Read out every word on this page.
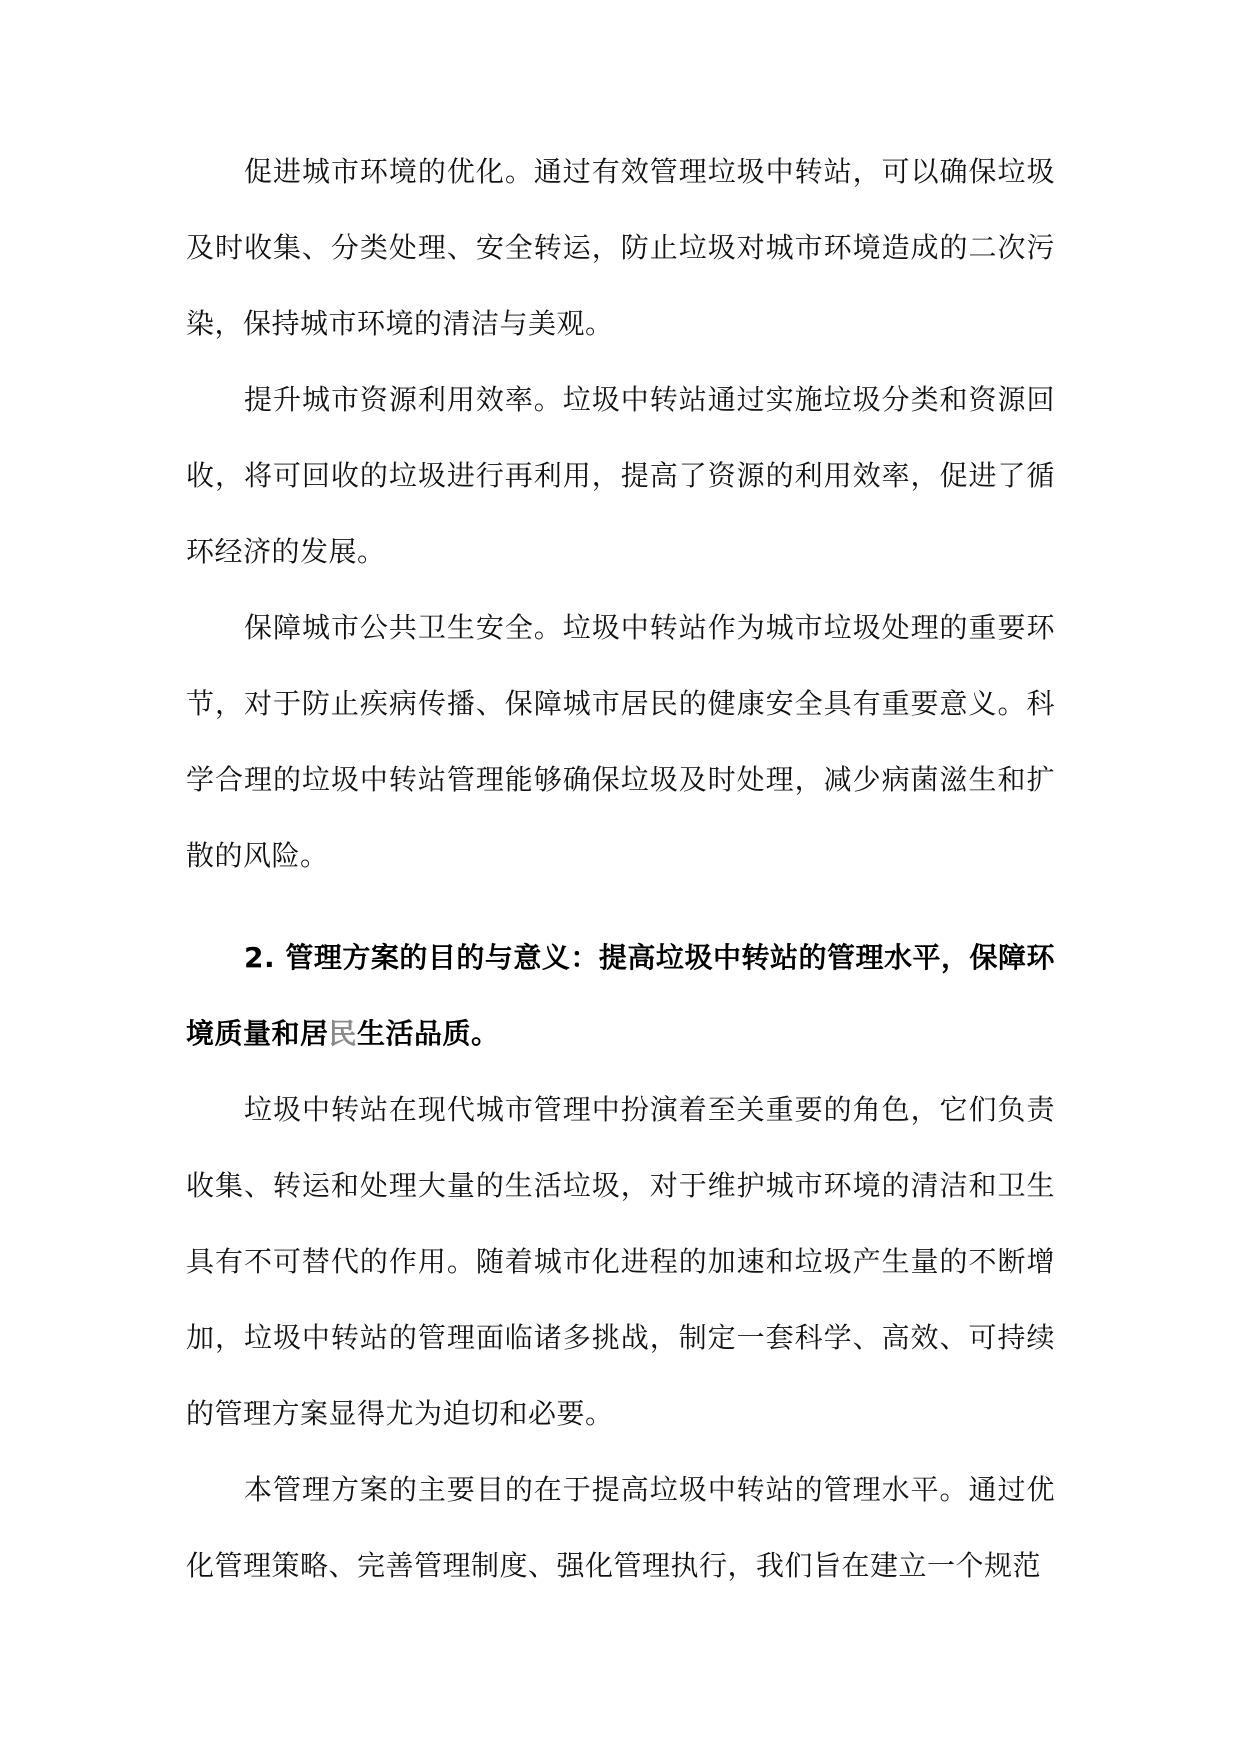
促进城市环境的优化。通过有效管理垃圾中转站，可以确保垃圾及时收集、分类处理、安全转运，防止垃圾对城市环境造成的二次污染，保持城市环境的清洁与美观。

提升城市资源利用效率。垃圾中转站通过实施垃圾分类和资源回收，将可回收的垃圾进行再利用，提高了资源的利用效率，促进了循环经济的发展。

保障城市公共卫生安全。垃圾中转站作为城市垃圾处理的重要环节，对于防止疾病传播、保障城市居民的健康安全具有重要意义。科学合理的垃圾中转站管理能够确保垃圾及时处理，减少病菌滋生和扩散的风险。

2. 管理方案的目的与意义：提高垃圾中转站的管理水平，保障环境质量和居民生活品质。

垃圾中转站在现代城市管理中扮演着至关重要的角色，它们负责收集、转运和处理大量的生活垃圾，对于维护城市环境的清洁和卫生具有不可替代的作用。随着城市化进程的加速和垃圾产生量的不断增加，垃圾中转站的管理面临诸多挑战，制定一套科学、高效、可持续的管理方案显得尤为迫切和必要。

本管理方案的主要目的在于提高垃圾中转站的管理水平。通过优化管理策略、完善管理制度、强化管理执行，我们旨在建立一个规范
